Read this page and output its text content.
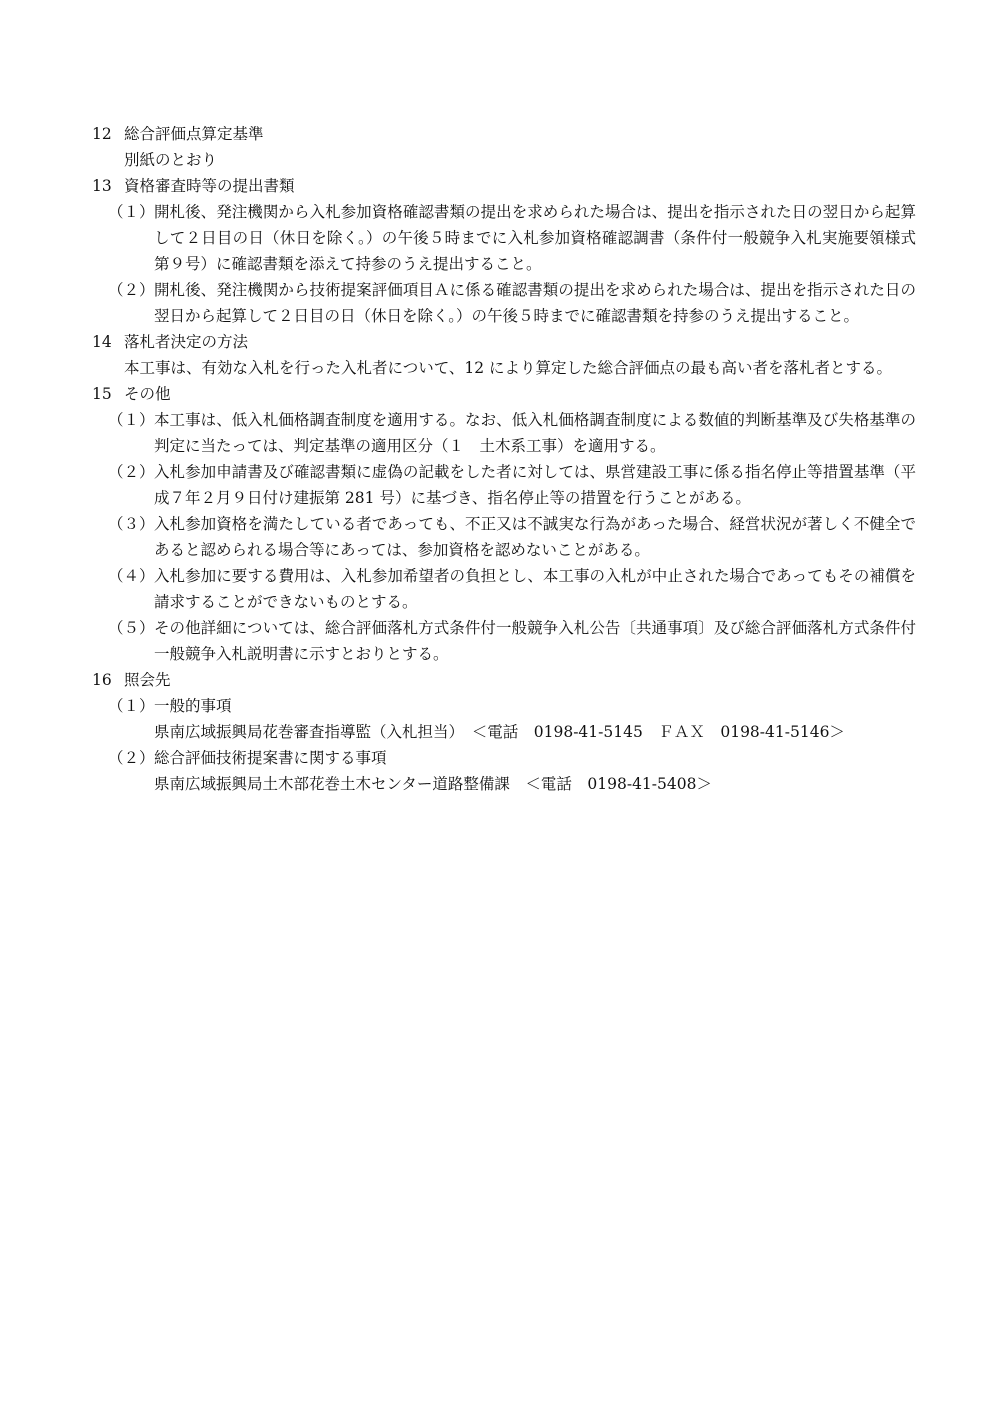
12 総合評価点算定基準
別紙のとおり
13 資格審査時等の提出書類
（１） 開札後、発注機関から入札参加資格確認書類の提出を求められた場合は、提出を指示された日の翌日から起算して２日目の日（休日を除く。）の午後５時までに入札参加資格確認調書（条件付一般競争入札実施要領様式第９号）に確認書類を添えて持参のうえ提出すること。
（２） 開札後、発注機関から技術提案評価項目Ａに係る確認書類の提出を求められた場合は、提出を指示された日の翌日から起算して２日目の日（休日を除く。）の午後５時までに確認書類を持参のうえ提出すること。
14 落札者決定の方法
本工事は、有効な入札を行った入札者について、12 により算定した総合評価点の最も高い者を落札者とする。
15 その他
（１） 本工事は、低入札価格調査制度を適用する。なお、低入札価格調査制度による数値的判断基準及び失格基準の判定に当たっては、判定基準の適用区分（１　土木系工事）を適用する。
（２） 入札参加申請書及び確認書類に虚偽の記載をした者に対しては、県営建設工事に係る指名停止等措置基準（平成７年２月９日付け建振第 281 号）に基づき、指名停止等の措置を行うことがある。
（３） 入札参加資格を満たしている者であっても、不正又は不誠実な行為があった場合、経営状況が著しく不健全であると認められる場合等にあっては、参加資格を認めないことがある。
（４） 入札参加に要する費用は、入札参加希望者の負担とし、本工事の入札が中止された場合であってもその補償を請求することができないものとする。
（５） その他詳細については、総合評価落札方式条件付一般競争入札公告〔共通事項〕及び総合評価落札方式条件付一般競争入札説明書に示すとおりとする。
16 照会先
（１） 一般的事項
県南広域振興局花巻審査指導監（入札担当）　＜電話　0198-41-5145　ＦＡＸ　0198-41-5146＞
（２） 総合評価技術提案書に関する事項
県南広域振興局土木部花巻土木センター道路整備課　＜電話　0198-41-5408＞
